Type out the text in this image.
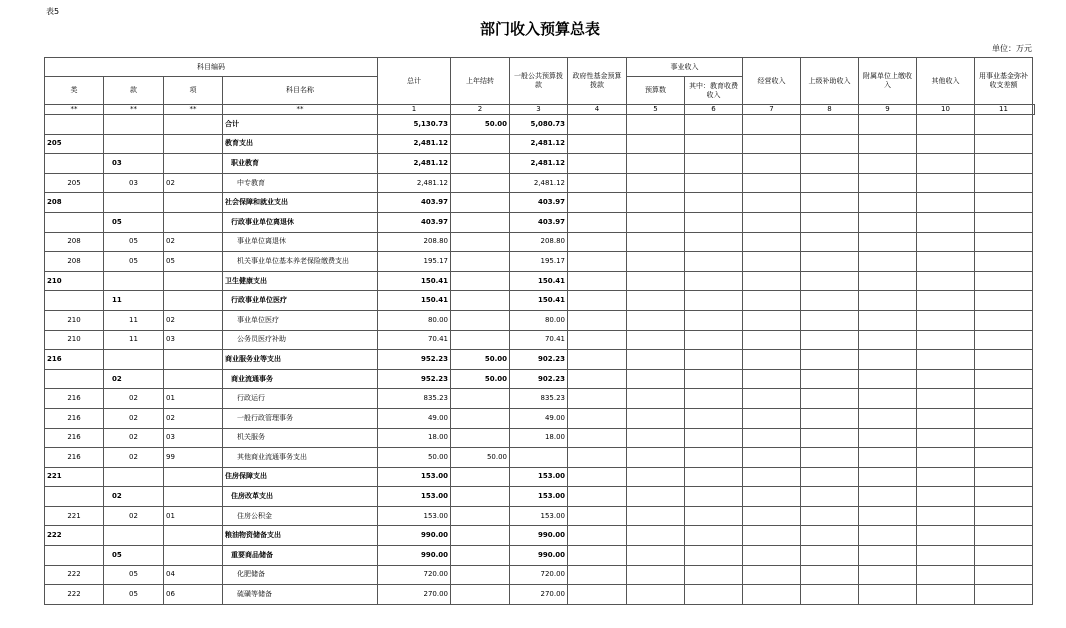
表5
部门收入预算总表
单位：万元
科目编码				总计	上年结转	一般公共预算拨款	政府性基金预算拨款	事业收入		经营收入	上级补助收入	附属单位上缴收入	其他收入	用事业基金弥补收支差额	
类	款	项	科目名称					预算数	其中：教育收费收入						
**	**	**	**	1	2	3	4	5	6	7	8	9	10	11	
			合计	5,130.73	50.00	5,080.73									
205			教育支出	2,481.12		2,481.12									
	03		职业教育	2,481.12		2,481.12									
205	03	02	中专教育	2,481.12		2,481.12									
208			社会保障和就业支出	403.97		403.97									
	05		行政事业单位离退休	403.97		403.97									
208	05	02	事业单位离退休	208.80		208.80									
208	05	05	机关事业单位基本养老保险缴费支出	195.17		195.17									
210			卫生健康支出	150.41		150.41									
	11		行政事业单位医疗	150.41		150.41									
210	11	02	事业单位医疗	80.00		80.00									
210	11	03	公务员医疗补助	70.41		70.41									
216			商业服务业等支出	952.23	50.00	902.23									
	02		商业流通事务	952.23	50.00	902.23									
216	02	01	行政运行	835.23		835.23									
216	02	02	一般行政管理事务	49.00		49.00									
216	02	03	机关服务	18.00		18.00									
216	02	99	其他商业流通事务支出	50.00	50.00										
221			住房保障支出	153.00		153.00									
	02		住房改革支出	153.00		153.00									
221	02	01	住房公积金	153.00		153.00									
222			粮油物资储备支出	990.00		990.00									
	05		重要商品储备	990.00		990.00									
222	05	04	化肥储备	720.00		720.00									
222	05	06	硫磺等储备	270.00		270.00									
